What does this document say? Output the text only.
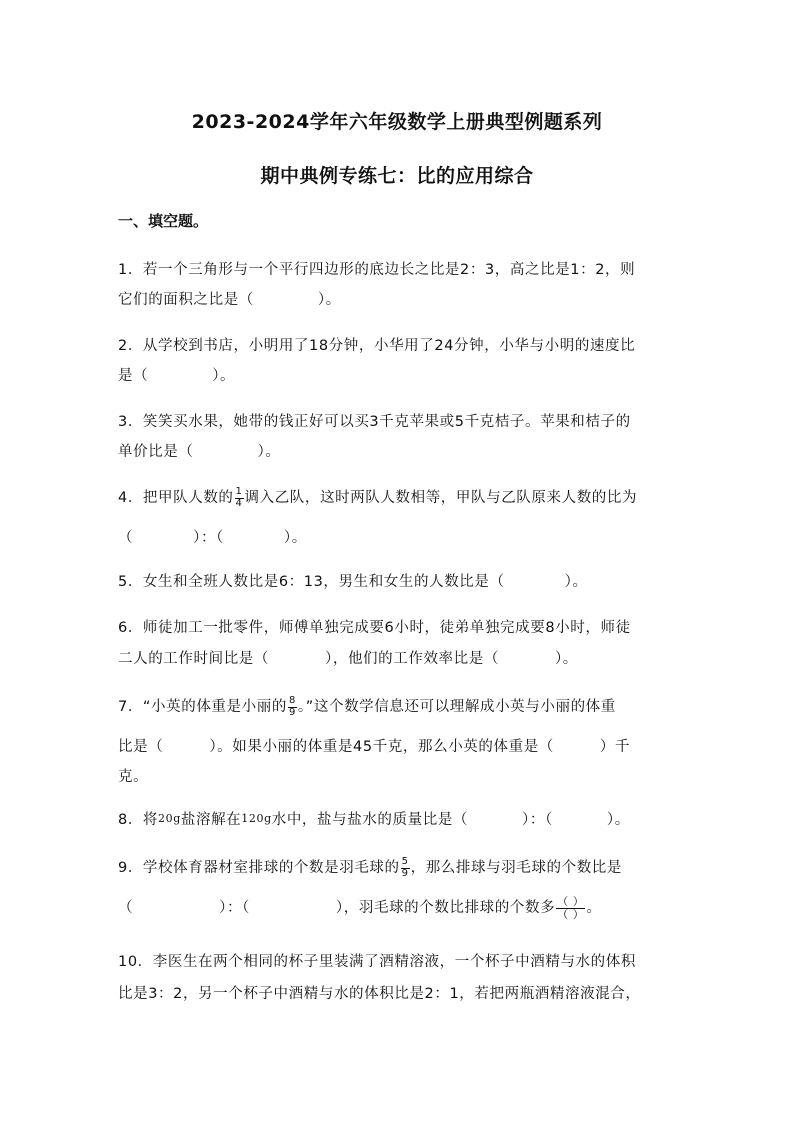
2023-2024学年六年级数学上册典型例题系列
期中典例专练七：比的应用综合
一、填空题。
1．若一个三角形与一个平行四边形的底边长之比是2：3，高之比是1：2，则
它们的面积之比是（	）。
2．从学校到书店，小明用了18分钟，小华用了24分钟，小华与小明的速度比
是（	）。
3．笑笑买水果，她带的钱正好可以买3千克苹果或5千克桔子。苹果和桔子的
单价比是（	）。
4．把甲队人数的 $\frac{1}{4}$ 调入乙队，这时两队人数相等，甲队与乙队原来人数的比为
（	）：（	）。
5．女生和全班人数比是6：13，男生和女生的人数比是（	）。
6．师徒加工一批零件，师傅单独完成要6小时，徒弟单独完成要8小时，师徒
二人的工作时间比是（	），他们的工作效率比是（	）。
7．“小英的体重是小丽的 $\frac{8}{9}$ 。”这个数学信息还可以理解成小英与小丽的体重
比是（	）。如果小丽的体重是45千克，那么小英的体重是（	）千
克。
8．将20g盐溶解在120g水中，盐与盐水的质量比是（	）：（	）。
9．学校体育器材室排球的个数是羽毛球的 $\frac{5}{9}$ ，那么排球与羽毛球的个数比是
（	）：（	），羽毛球的个数比排球的个数多 $\frac{( )}{( )}$ 。
10．李医生在两个相同的杯子里装满了酒精溶液，一个杯子中酒精与水的体积
比是3：2，另一个杯子中酒精与水的体积比是2：1，若把两瓶酒精溶液混合，
